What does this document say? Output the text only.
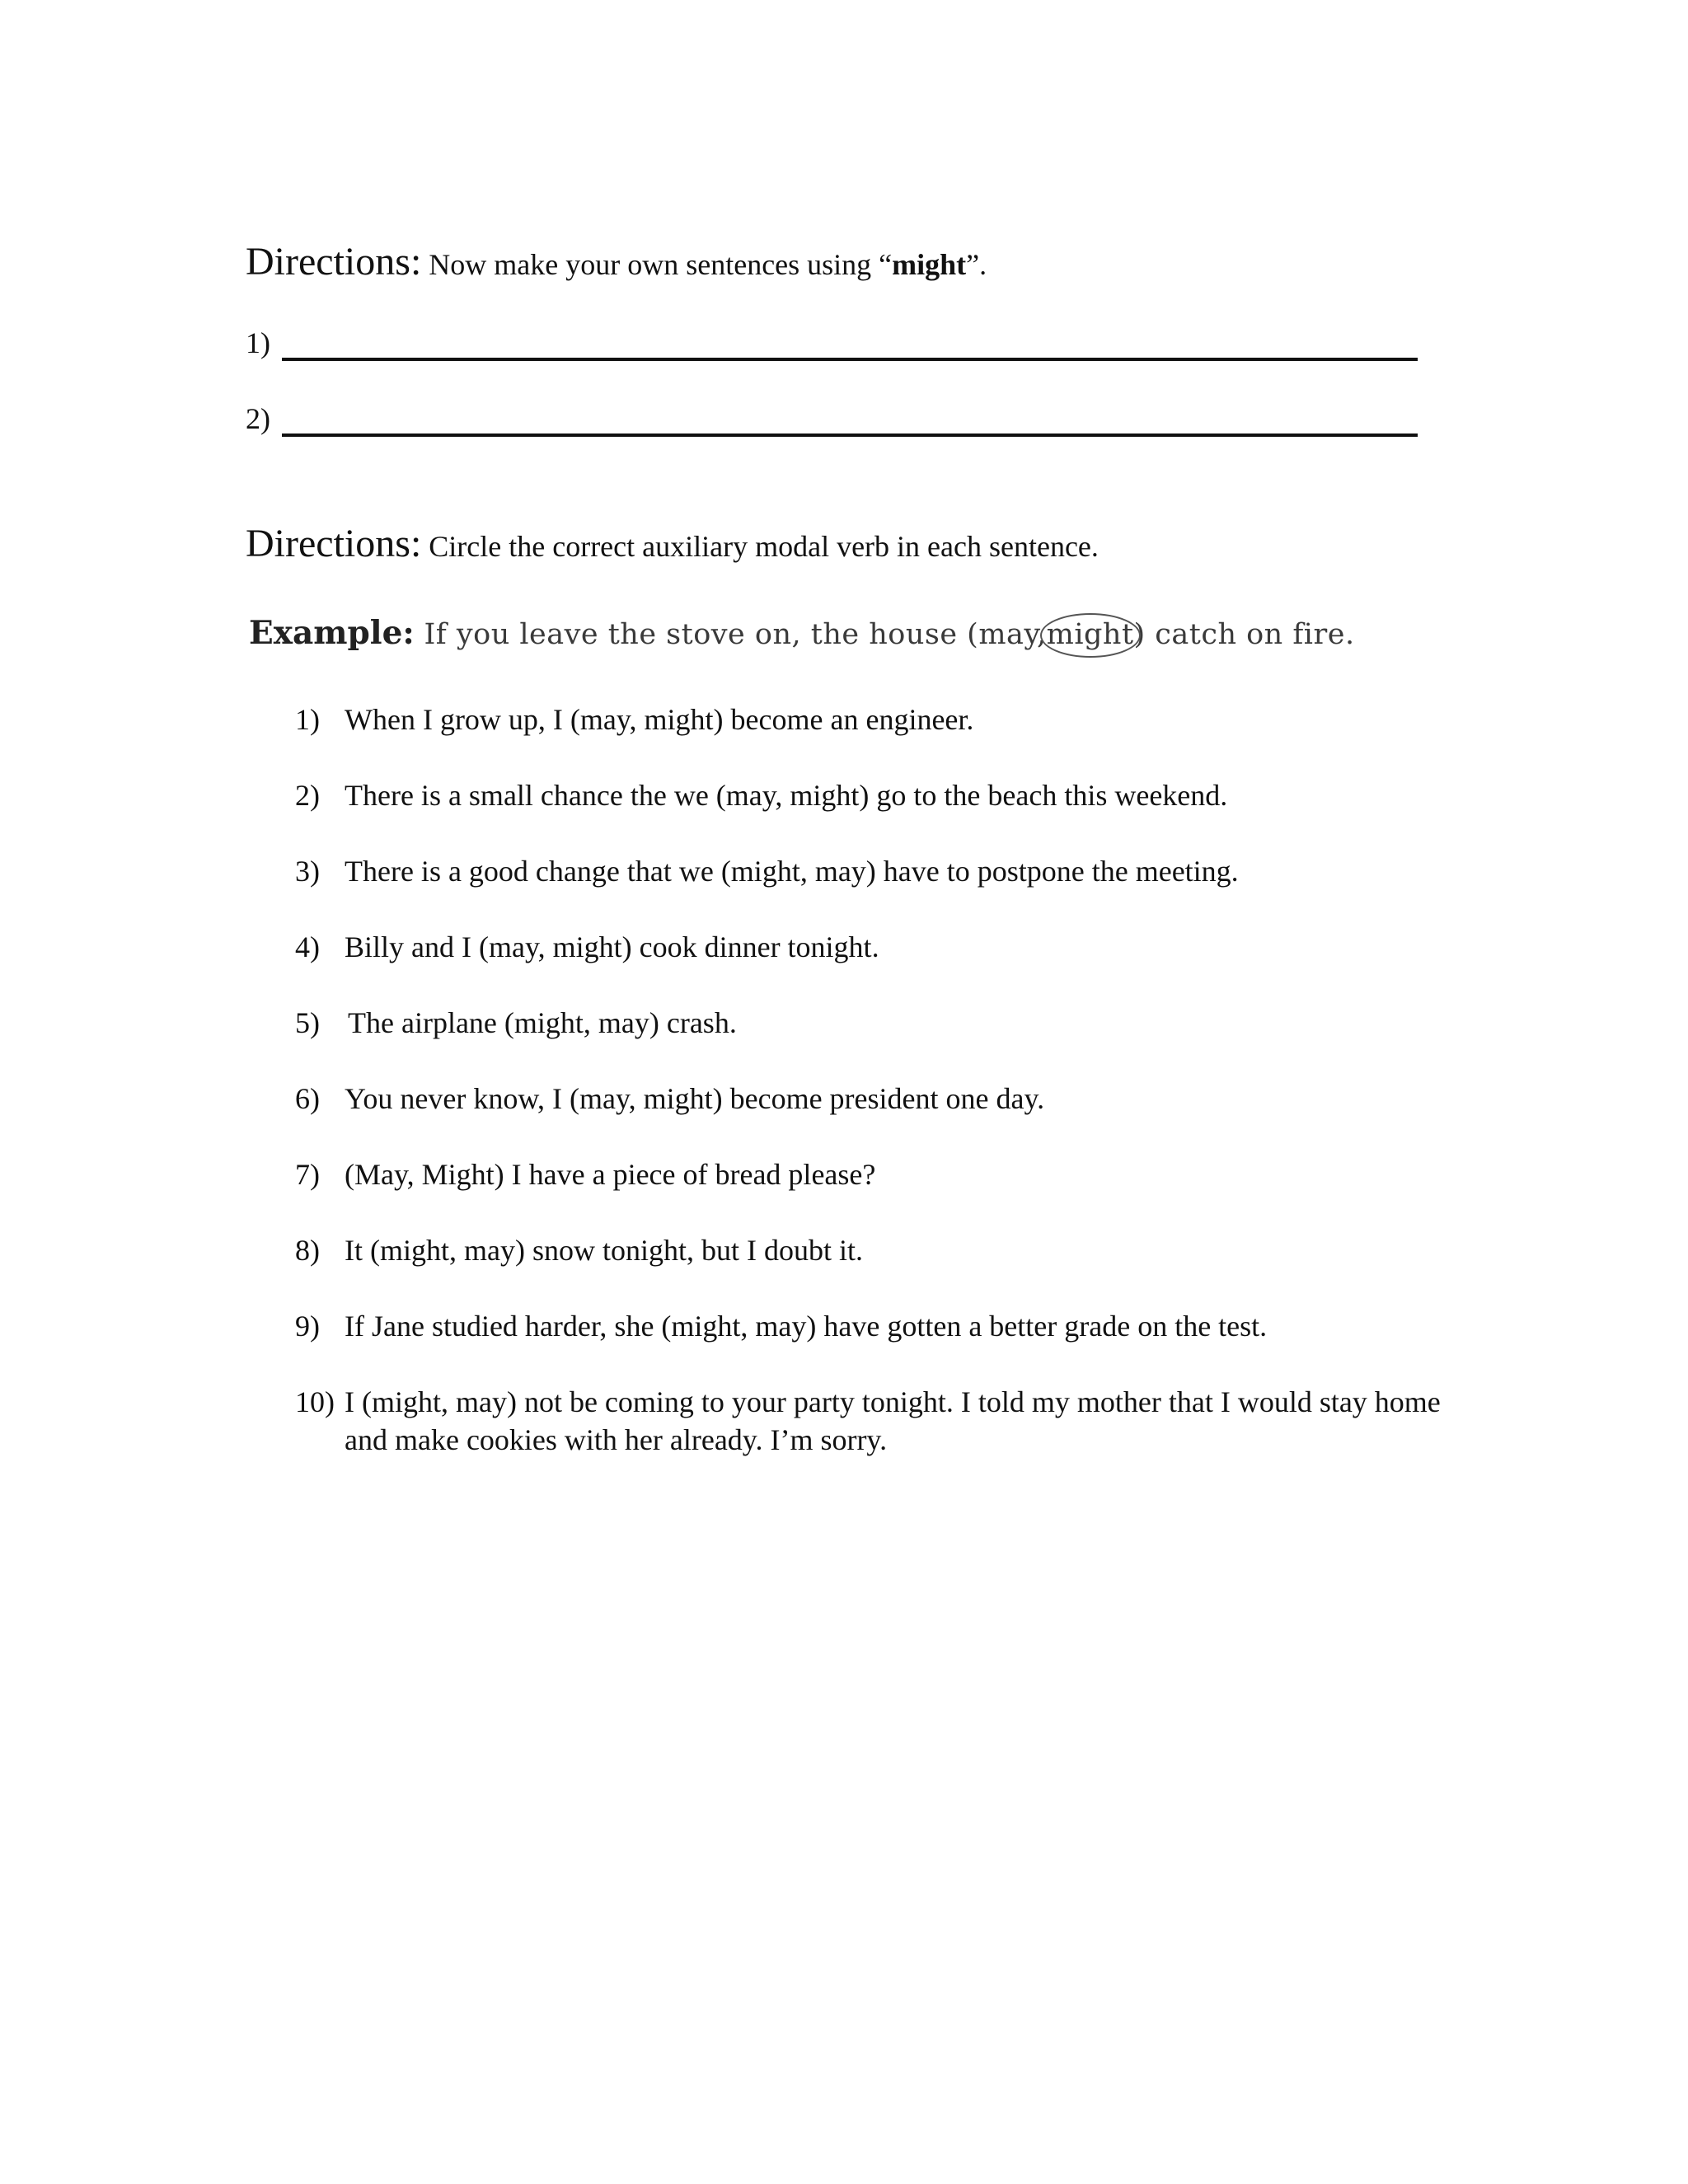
Directions: Now make your own sentences using “might”.
1)
2)
Directions: Circle the correct auxiliary modal verb in each sentence.
Example: If you leave the stove on, the house (may,might
) catch on fire.
1) When I grow up, I (may, might) become an engineer.
2) There is a small chance the we (may, might) go to the beach this weekend.
3) There is a good change that we (might, may) have to postpone the meeting.
4) Billy and I (may, might) cook dinner tonight.
5) The airplane (might, may) crash.
6) You never know, I (may, might) become president one day.
7) (May, Might) I have a piece of bread please?
8) It (might, may) snow tonight, but I doubt it.
9) If Jane studied harder, she (might, may) have gotten a better grade on the test.
10) I (might, may) not be coming to your party tonight. I told my mother that I would stay home and make cookies with her already. I’m sorry.
